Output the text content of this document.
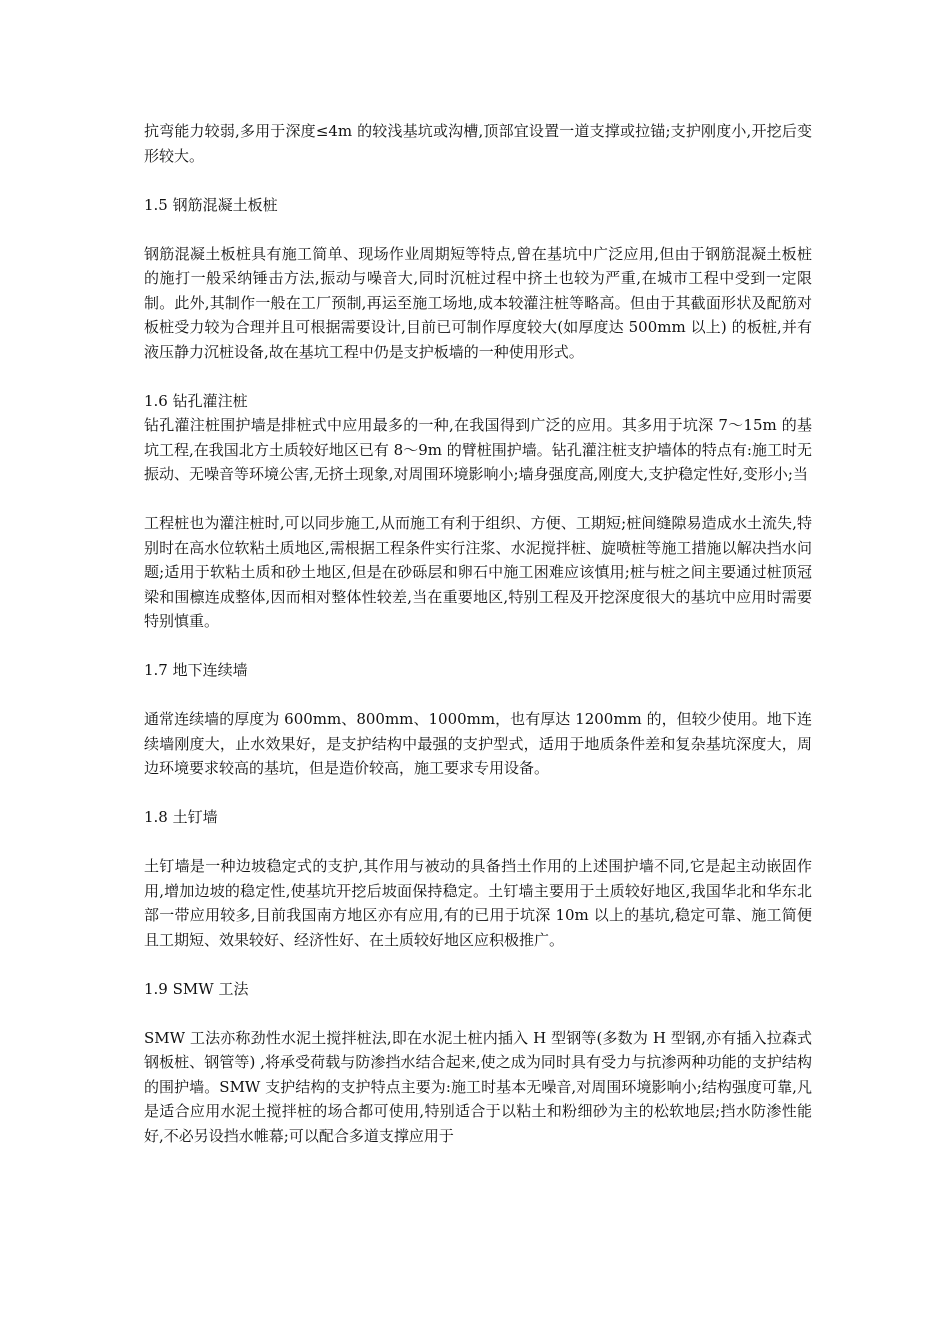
抗弯能力较弱,多用于深度≤4m 的较浅基坑或沟槽,顶部宜设置一道支撑或拉锚;支护刚度小,开挖后变形较大。

1.5 钢筋混凝土板桩

钢筋混凝土板桩具有施工简单、现场作业周期短等特点,曾在基坑中广泛应用,但由于钢筋混凝土板桩的施打一般采纳锤击方法,振动与噪音大,同时沉桩过程中挤土也较为严重,在城市工程中受到一定限制。此外,其制作一般在工厂预制,再运至施工场地,成本较灌注桩等略高。但由于其截面形状及配筋对板桩受力较为合理并且可根据需要设计,目前已可制作厚度较大(如厚度达 500mm 以上) 的板桩,并有液压静力沉桩设备,故在基坑工程中仍是支护板墙的一种使用形式。

1.6 钻孔灌注桩

钻孔灌注桩围护墙是排桩式中应用最多的一种,在我国得到广泛的应用。其多用于坑深 7～15m 的基坑工程,在我国北方土质较好地区已有 8～9m 的臂桩围护墙。钻孔灌注桩支护墙体的特点有:施工时无振动、无噪音等环境公害,无挤土现象,对周围环境影响小;墙身强度高,刚度大,支护稳定性好,变形小;当

工程桩也为灌注桩时,可以同步施工,从而施工有利于组织、方便、工期短;桩间缝隙易造成水土流失,特别时在高水位软粘土质地区,需根据工程条件实行注浆、水泥搅拌桩、旋喷桩等施工措施以解决挡水问题;适用于软粘土质和砂土地区,但是在砂砾层和卵石中施工困难应该慎用;桩与桩之间主要通过桩顶冠梁和围檩连成整体,因而相对整体性较差,当在重要地区,特别工程及开挖深度很大的基坑中应用时需要特别慎重。

1.7 地下连续墙

通常连续墙的厚度为 600mm、800mm、1000mm，也有厚达 1200mm 的，但较少使用。地下连续墙刚度大，止水效果好，是支护结构中最强的支护型式，适用于地质条件差和复杂基坑深度大，周边环境要求较高的基坑，但是造价较高，施工要求专用设备。

1.8 土钉墙

土钉墙是一种边坡稳定式的支护,其作用与被动的具备挡土作用的上述围护墙不同,它是起主动嵌固作用,增加边坡的稳定性,使基坑开挖后坡面保持稳定。土钉墙主要用于土质较好地区,我国华北和华东北部一带应用较多,目前我国南方地区亦有应用,有的已用于坑深 10m 以上的基坑,稳定可靠、施工简便且工期短、效果较好、经济性好、在土质较好地区应积极推广。

1.9 SMW 工法

SMW 工法亦称劲性水泥土搅拌桩法,即在水泥土桩内插入 H 型钢等(多数为 H 型钢,亦有插入拉森式钢板桩、钢管等) ,将承受荷载与防渗挡水结合起来,使之成为同时具有受力与抗渗两种功能的支护结构的围护墙。SMW 支护结构的支护特点主要为:施工时基本无噪音,对周围环境影响小;结构强度可靠,凡是适合应用水泥土搅拌桩的场合都可使用,特别适合于以粘土和粉细砂为主的松软地层;挡水防渗性能好,不必另设挡水帷幕;可以配合多道支撑应用于
